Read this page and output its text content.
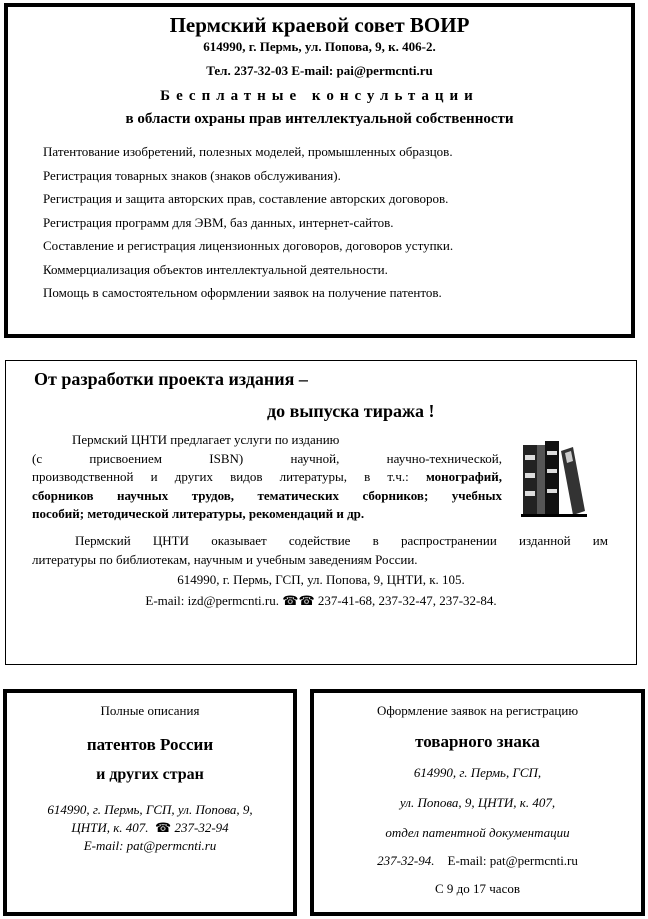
Пермский краевой совет ВОИР

614990, г. Пермь, ул. Попова, 9, к. 406-2.

Тел. 237-32-03 E-mail: pai@permcnti.ru

Бесплатные консультации

в области охраны прав интеллектуальной собственности

Патентование изобретений, полезных моделей, промышленных образцов.
Регистрация товарных знаков (знаков обслуживания).
Регистрация и защита авторских прав, составление авторских договоров.
Регистрация программ для ЭВМ, баз данных, интернет-сайтов.
Составление и регистрация лицензионных договоров, договоров уступки.
Коммерциализация объектов интеллектуальной деятельности.
Помощь в самостоятельном оформлении заявок на получение патентов.

От разработки проекта издания –

до выпуска тиража !

Пермский ЦНТИ предлагает услуги по изданию

(с присвоением ISBN) научной, научно-технической,

производственной и других видов литературы, в т.ч.: монографий,

сборников научных трудов, тематических сборников; учебных

пособий; методической литературы, рекомендаций и др.

Пермский ЦНТИ оказывает содействие в распространении изданной им

литературы по библиотекам, научным и учебным заведениям России.

614990, г. Пермь, ГСП, ул. Попова, 9, ЦНТИ, к. 105.

E-mail: izd@permcnti.ru. ☎☎ 237-41-68, 237-32-47, 237-32-84.

Полные описания

патентов России

и других стран

614990, г. Пермь, ГСП, ул. Попова, 9,

ЦНТИ, к. 407. ☎ 237-32-94

E-mail: pat@permcnti.ru

Оформление заявок на регистрацию

товарного знака

614990, г. Пермь, ГСП,

ул. Попова, 9, ЦНТИ, к. 407,

отдел патентной документации

237-32-94. E-mail: pat@permcnti.ru

С 9 до 17 часов
